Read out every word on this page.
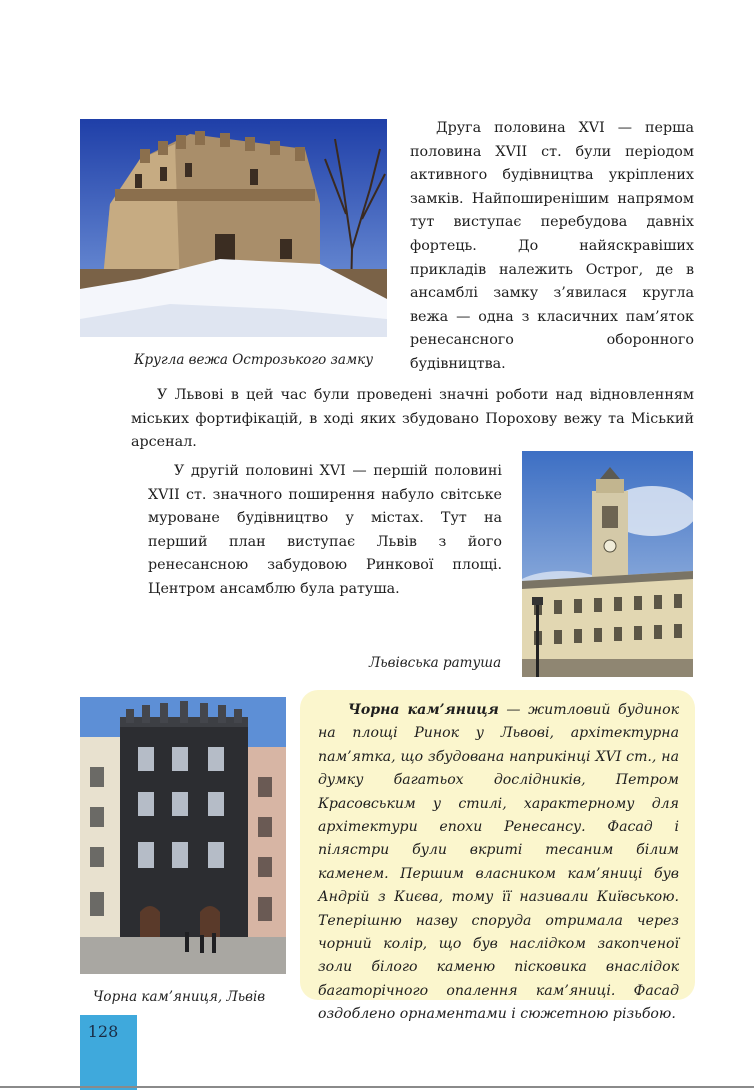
Кругла вежа Острозького замку

Друга половина XVI — перша половина XVII ст. були періодом активного будівництва укріплених замків. Найпоширенішим напрямом тут виступає перебудова давніх фортець. До найяскравіших прикладів належить Острог, де в ансамблі замку з’явилася кругла вежа — одна з класичних пам’яток ренесансного оборонного будівництва.

У Львові в цей час були проведені значні роботи над відновленням міських фортифікацій, в ході яких збудовано Порохову вежу та Міський арсенал.

У другій половині XVI — першій половині XVII ст. значного поширення набуло світське муроване будівництво у містах. Тут на перший план виступає Львів з його ренесансною забудовою Ринкової площі. Центром ансамблю була ратуша.

Львівська ратуша
Чорна кам’яниця, Львів

Чорна кам’яниця — житловий будинок на площі Ринок у Львові, архітектурна пам’ятка, що збудована наприкінці XVI ст., на думку багатьох дослідників, Петром Красовським у стилі, характерному для архітектури епохи Ренесансу. Фасад і пілястри були вкриті тесаним білим каменем. Першим власником кам’яниці був Андрій з Києва, тому її називали Київською. Теперішню назву споруда отримала через чорний колір, що був наслідком закопченої золи білого каменю пісковика внаслідок багаторічного опалення кам’яниці. Фасад оздоблено орнаментами і сюжетною різьбою.

128
